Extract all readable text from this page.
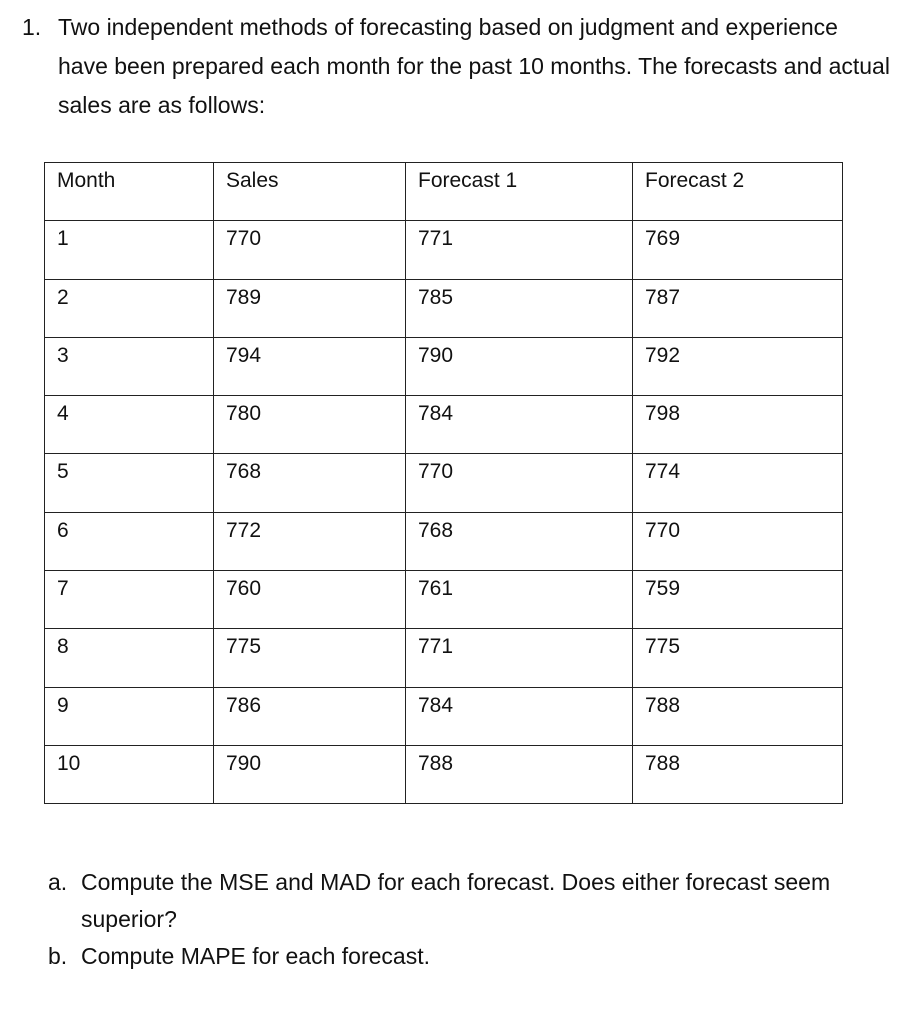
1. Two independent methods of forecasting based on judgment and experience have been prepared each month for the past 10 months. The forecasts and actual sales are as follows:
Month	Sales	Forecast 1	Forecast 2
1	770	771	769
2	789	785	787
3	794	790	792
4	780	784	798
5	768	770	774
6	772	768	770
7	760	761	759
8	775	771	775
9	786	784	788
10	790	788	788
a. Compute the MSE and MAD for each forecast. Does either forecast seem superior?
b. Compute MAPE for each forecast.
